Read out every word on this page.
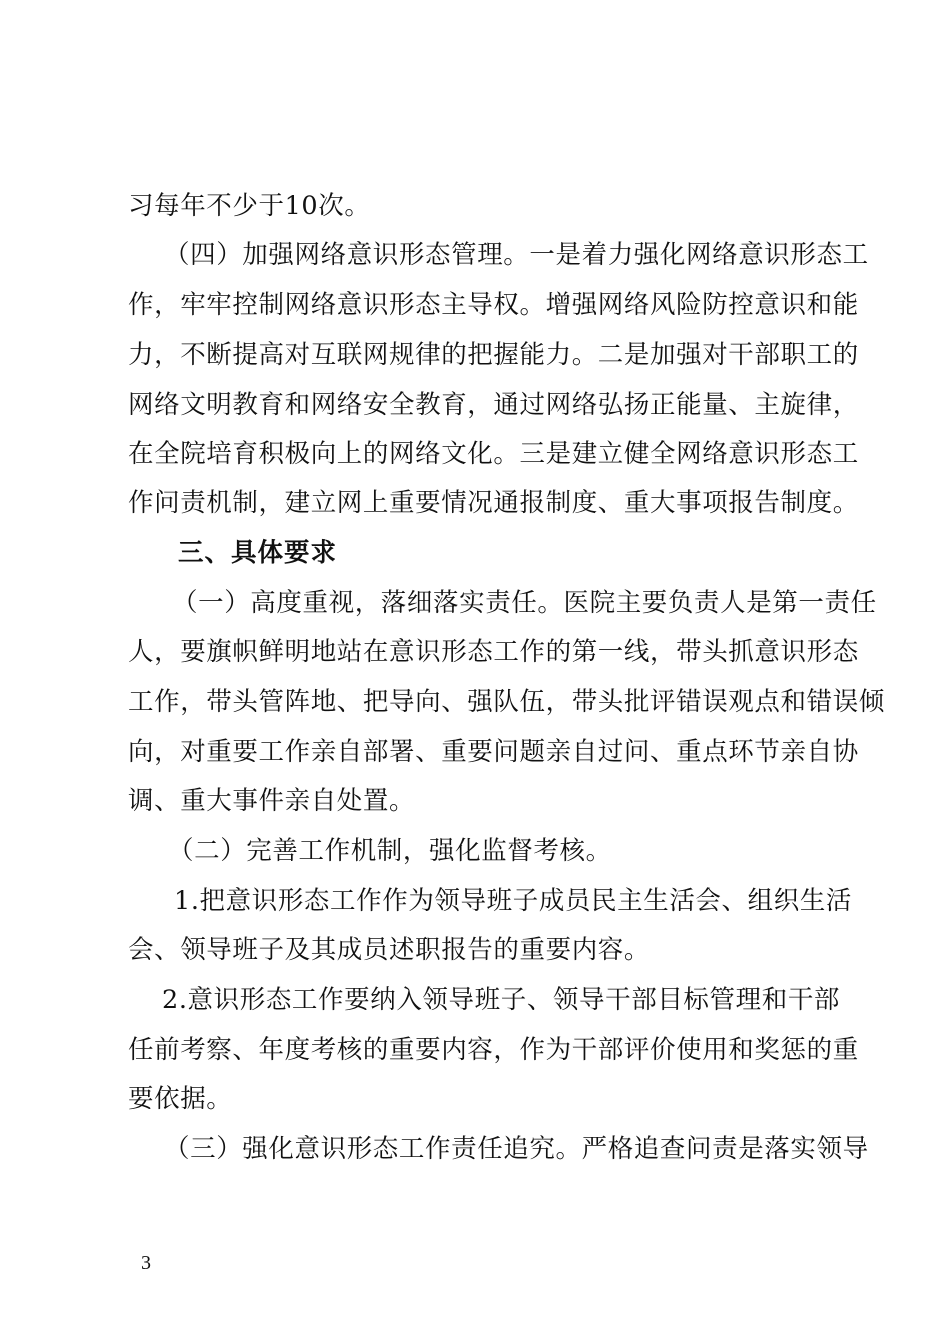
习每年不少于10次。
（四）加强网络意识形态管理。一是着力强化网络意识形态工
作，牢牢控制网络意识形态主导权。增强网络风险防控意识和能
力，不断提高对互联网规律的把握能力。二是加强对干部职工的
网络文明教育和网络安全教育，通过网络弘扬正能量、主旋律，
在全院培育积极向上的网络文化。三是建立健全网络意识形态工
作问责机制，建立网上重要情况通报制度、重大事项报告制度。
三、具体要求
（一）高度重视，落细落实责任。医院主要负责人是第一责任
人，要旗帜鲜明地站在意识形态工作的第一线，带头抓意识形态
工作，带头管阵地、把导向、强队伍，带头批评错误观点和错误倾
向，对重要工作亲自部署、重要问题亲自过问、重点环节亲自协
调、重大事件亲自处置。
（二）完善工作机制，强化监督考核。
1.把意识形态工作作为领导班子成员民主生活会、组织生活
会、领导班子及其成员述职报告的重要内容。
2.意识形态工作要纳入领导班子、领导干部目标管理和干部
任前考察、年度考核的重要内容，作为干部评价使用和奖惩的重
要依据。
（三）强化意识形态工作责任追究。严格追查问责是落实领导
3
